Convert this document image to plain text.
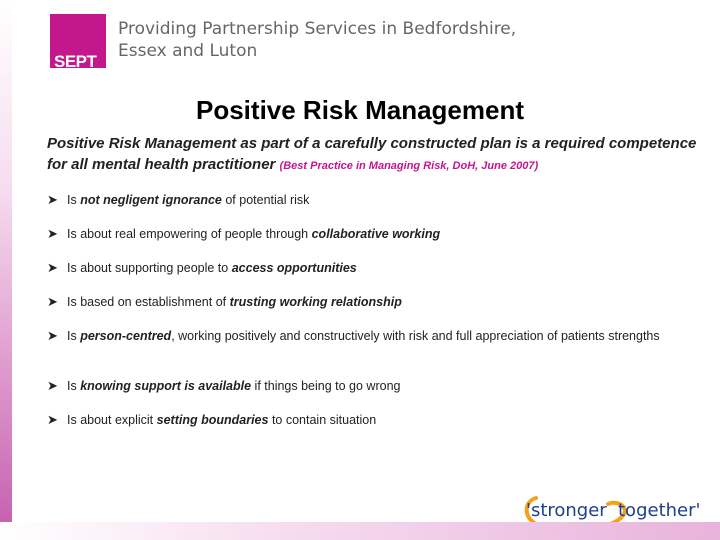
SEPT
Providing Partnership Services in Bedfordshire,
Essex and Luton
Positive Risk Management
Positive Risk Management as part of a carefully constructed plan is a required competence for all mental health practitioner (Best Practice in Managing Risk, DoH, June 2007)
➤ Is not negligent ignorance of potential risk
➤ Is about real empowering of people through collaborative working
➤ Is about supporting people to access opportunities
➤ Is based on establishment of trusting working relationship
➤ Is person-centred, working positively and constructively with risk and full appreciation of patients strengths
➤ Is knowing support is available if things being to go wrong
➤ Is about explicit setting boundaries to contain situation
'stronger together'
